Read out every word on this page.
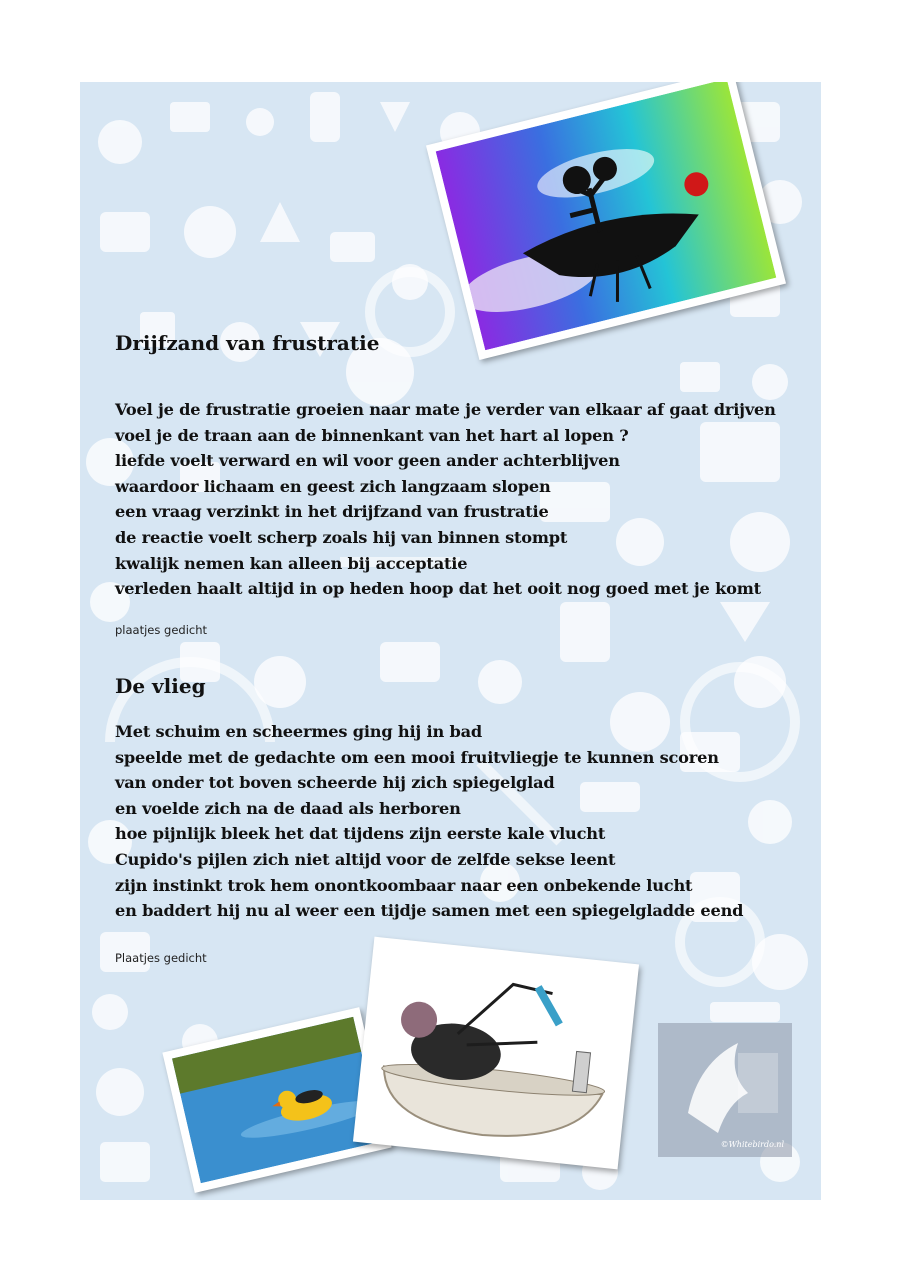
Drijfzand van frustratie
Voel je de frustratie groeien naar mate je verder van elkaar af gaat drijven
voel je de traan aan de binnenkant van het hart al lopen ?
liefde voelt verward en wil voor geen ander achterblijven
waardoor lichaam en geest zich langzaam slopen
een vraag verzinkt in het drijfzand van frustratie
de reactie voelt scherp zoals hij van binnen stompt
kwalijk nemen kan alleen bij acceptatie
verleden haalt altijd in op heden hoop dat het ooit nog goed met je komt
plaatjes gedicht
De vlieg
Met schuim en scheermes ging hij in bad
speelde met de gedachte om een mooi fruitvliegje te kunnen scoren
van onder tot boven scheerde hij zich spiegelglad
en voelde zich na de daad als herboren
hoe pijnlijk bleek het dat tijdens zijn eerste kale vlucht
Cupido's pijlen zich niet altijd voor de zelfde sekse leent
zijn instinkt trok hem onontkoombaar naar een onbekende lucht
en baddert hij nu al weer een tijdje samen met een spiegelgladde eend
Plaatjes gedicht
©Whitebirdo.nl
